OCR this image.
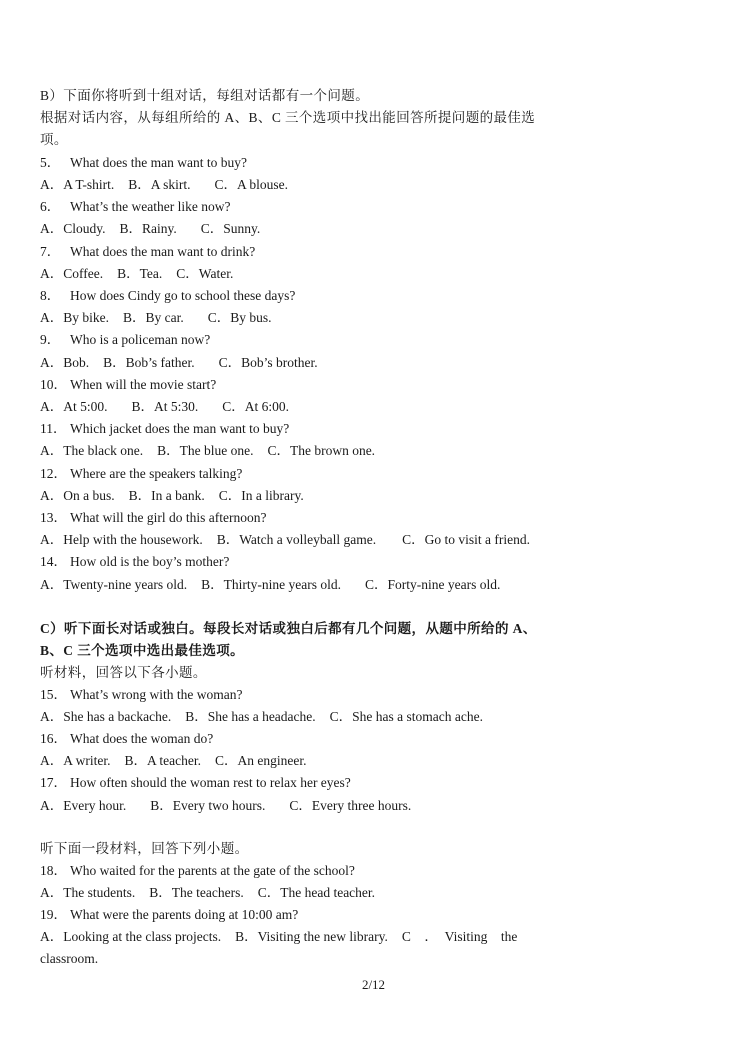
B）下面你将听到十组对话，每组对话都有一个问题。
根据对话内容，从每组所给的 A、B、C 三个选项中找出能回答所提问题的最佳选
项。
5． What does the man want to buy?
A．A T-shirt. B．A skirt. C．A blouse.
6． What’s the weather like now?
A．Cloudy. B．Rainy. C．Sunny.
7． What does the man want to drink?
A．Coffee. B．Tea. C．Water.
8． How does Cindy go to school these days?
A．By bike. B．By car. C．By bus.
9． Who is a policeman now?
A．Bob. B．Bob’s father. C．Bob’s brother.
10． When will the movie start?
A．At 5:00. B．At 5:30. C．At 6:00.
11． Which jacket does the man want to buy?
A．The black one. B．The blue one. C．The brown one.
12． Where are the speakers talking?
A．On a bus. B．In a bank. C．In a library.
13． What will the girl do this afternoon?
A．Help with the housework. B．Watch a volleyball game. C．Go to visit a friend.
14． How old is the boy’s mother?
A．Twenty-nine years old. B．Thirty-nine years old. C．Forty-nine years old.
C）听下面长对话或独白。每段长对话或独白后都有几个问题，从题中所给的 A、
B、C 三个选项中选出最佳选项。
听材料，回答以下各小题。
15． What’s wrong with the woman?
A．She has a backache. B．She has a headache. C．She has a stomach ache.
16． What does the woman do?
A．A writer. B．A teacher. C．An engineer.
17． How often should the woman rest to relax her eyes?
A．Every hour. B．Every two hours. C．Every three hours.
听下面一段材料，回答下列小题。
18． Who waited for the parents at the gate of the school?
A．The students. B．The teachers. C．The head teacher.
19． What were the parents doing at 10:00 am?
A．Looking at the class projects. B．Visiting the new library. C　．　Visiting　the
classroom.
2/12
